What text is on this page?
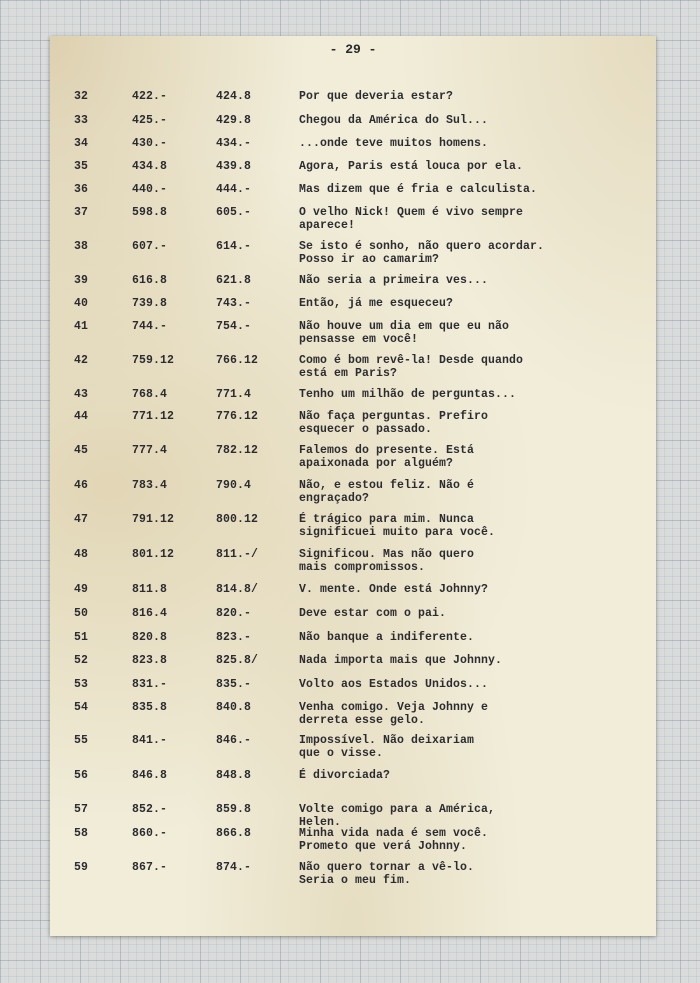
- 29 -
32	422.-	424.8	Por que deveria estar?
33	425.-	429.8	Chegou da América do Sul...
34	430.-	434.-	...onde teve muitos homens.
35	434.8	439.8	Agora, Paris está louca por ela.
36	440.-	444.-	Mas dizem que é fria e calculista.
37	598.8	605.-	O velho Nick! Quem é vivo sempre
aparece!
38	607.-	614.-	Se isto é sonho, não quero acordar.
Posso ir ao camarim?
39	616.8	621.8	Não seria a primeira ves...
40	739.8	743.-	Então, já me esqueceu?
41	744.-	754.-	Não houve um dia em que eu não
pensasse em você!
42	759.12	766.12	Como é bom revê-la! Desde quando
está em Paris?
43	768.4	771.4	Tenho um milhão de perguntas...
44	771.12	776.12	Não faça perguntas. Prefiro
esquecer o passado.
45	777.4	782.12	Falemos do presente. Está
apaixonada por alguém?
46	783.4	790.4	Não, e estou feliz. Não é
engraçado?
47	791.12	800.12	É trágico para mim. Nunca
significuei muito para você.
48	801.12	811.-/	Significou. Mas não quero
mais compromissos.
49	811.8	814.8/	V. mente. Onde está Johnny?
50	816.4	820.-	Deve estar com o pai.
51	820.8	823.-	Não banque a indiferente.
52	823.8	825.8/	Nada importa mais que Johnny.
53	831.-	835.-	Volto aos Estados Unidos...
54	835.8	840.8	Venha comigo. Veja Johnny e
derreta esse gelo.
55	841.-	846.-	Impossível. Não deixariam
que o visse.
56	846.8	848.8	É divorciada?
57	852.-	859.8	Volte comigo para a América,
Helen.
58	860.-	866.8	Minha vida nada é sem você.
Prometo que verá Johnny.
59	867.-	874.-	Não quero tornar a vê-lo.
Seria o meu fim.
